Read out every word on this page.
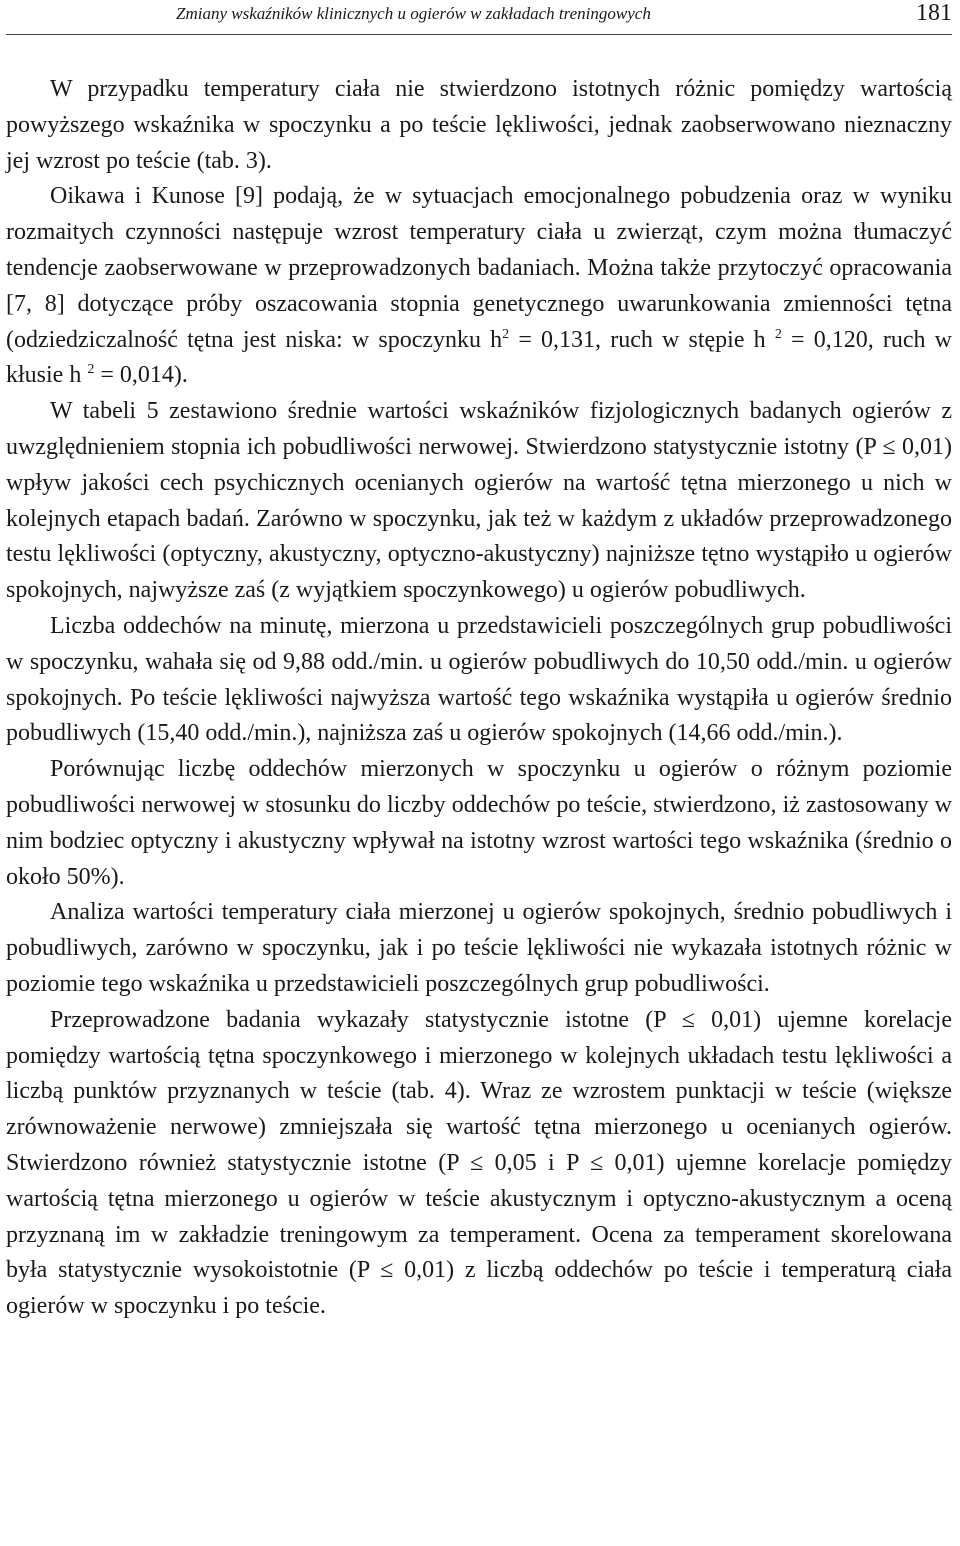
Zmiany wskaźników klinicznych u ogierów w zakładach treningowych	181

W przypadku temperatury ciała nie stwierdzono istotnych różnic pomiędzy wartością powyższego wskaźnika w spoczynku a po teście lękliwości, jednak zaobserwowano nieznaczny jej wzrost po teście (tab. 3).

Oikawa i Kunose [9] podają, że w sytuacjach emocjonalnego pobudzenia oraz w wyniku rozmaitych czynności następuje wzrost temperatury ciała u zwierząt, czym można tłumaczyć tendencje zaobserwowane w przeprowadzonych badaniach. Można także przytoczyć opracowania [7, 8] dotyczące próby oszacowania stopnia genetycznego uwarunkowania zmienności tętna (odziedziczalność tętna jest niska: w spoczynku $h^2 = 0,131$, ruch w stępie h $^2$ = 0,120, ruch w kłusie h $^2$ = 0,014).

W tabeli 5 zestawiono średnie wartości wskaźników fizjologicznych badanych ogierów z uwzględnieniem stopnia ich pobudliwości nerwowej. Stwierdzono statystycznie istotny (P ≤ 0,01) wpływ jakości cech psychicznych ocenianych ogierów na wartość tętna mierzonego u nich w kolejnych etapach badań. Zarówno w spoczynku, jak też w każdym z układów przeprowadzonego testu lękliwości (optyczny, akustyczny, optyczno-akustyczny) najniższe tętno wystąpiło u ogierów spokojnych, najwyższe zaś (z wyjątkiem spoczynkowego) u ogierów pobudliwych.

Liczba oddechów na minutę, mierzona u przedstawicieli poszczególnych grup pobudliwości w spoczynku, wahała się od 9,88 odd./min. u ogierów pobudliwych do 10,50 odd./min. u ogierów spokojnych. Po teście lękliwości najwyższa wartość tego wskaźnika wystąpiła u ogierów średnio pobudliwych (15,40 odd./min.), najniższa zaś u ogierów spokojnych (14,66 odd./min.).

Porównując liczbę oddechów mierzonych w spoczynku u ogierów o różnym poziomie pobudliwości nerwowej w stosunku do liczby oddechów po teście, stwierdzono, iż zastosowany w nim bodziec optyczny i akustyczny wpływał na istotny wzrost wartości tego wskaźnika (średnio o około 50%).

Analiza wartości temperatury ciała mierzonej u ogierów spokojnych, średnio pobudliwych i pobudliwych, zarówno w spoczynku, jak i po teście lękliwości nie wykazała istotnych różnic w poziomie tego wskaźnika u przedstawicieli poszczególnych grup pobudliwości.

Przeprowadzone badania wykazały statystycznie istotne (P ≤ 0,01) ujemne korelacje pomiędzy wartością tętna spoczynkowego i mierzonego w kolejnych układach testu lękliwości a liczbą punktów przyznanych w teście (tab. 4). Wraz ze wzrostem punktacji w teście (większe zrównoważenie nerwowe) zmniejszała się wartość tętna mierzonego u ocenianych ogierów. Stwierdzono również statystycznie istotne (P ≤ 0,05 i P ≤ 0,01) ujemne korelacje pomiędzy wartością tętna mierzonego u ogierów w teście akustycznym i optyczno-akustycznym a oceną przyznaną im w zakładzie treningowym za temperament. Ocena za temperament skorelowana była statystycznie wysokoistotnie (P ≤ 0,01) z liczbą oddechów po teście i temperaturą ciała ogierów w spoczynku i po teście.
